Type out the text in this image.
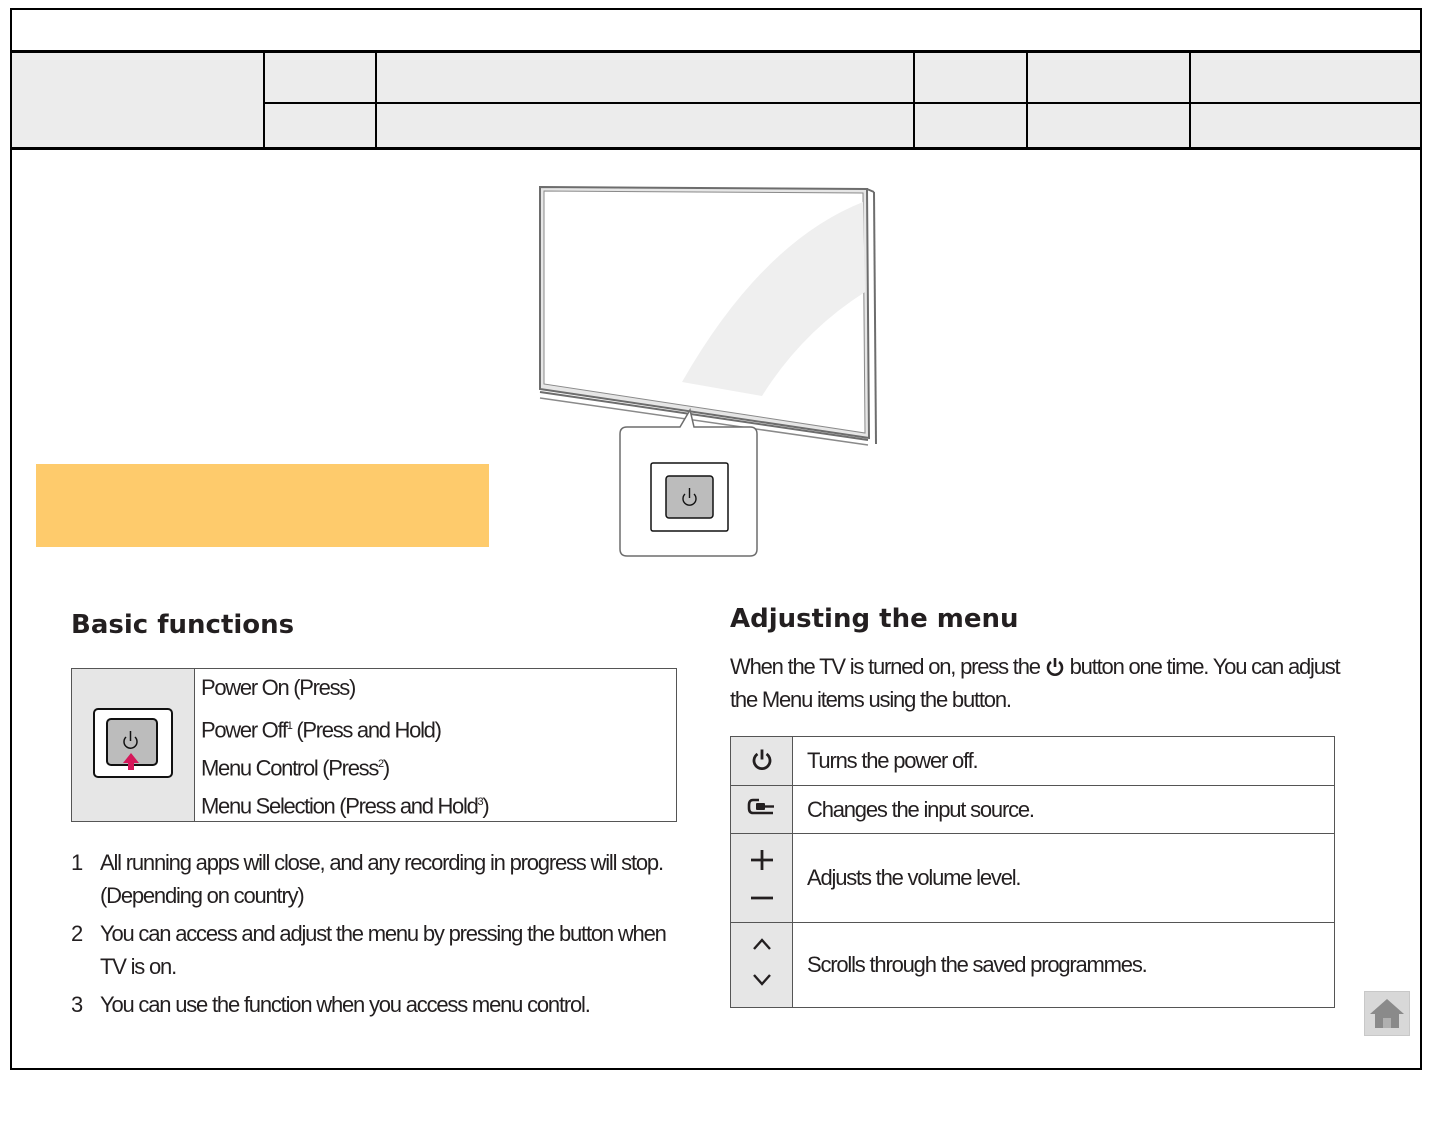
Basic functions

Power On (Press)
Power Off$^1$ (Press and Hold)
Menu Control (Press$^2$)
Menu Selection (Press and Hold$^3$)
1 All running apps will close, and any recording in progress will stop. (Depending on country)
2 You can access and adjust the menu by pressing the button when TV is on.
3 You can use the function when you access menu control.
Adjusting the menu
When the TV is turned on, press the button one time. You can adjust the Menu items using the button.
	Turns the power off.
	Changes the input source.
	Adjusts the volume level.
	Scrolls through the saved programmes.
